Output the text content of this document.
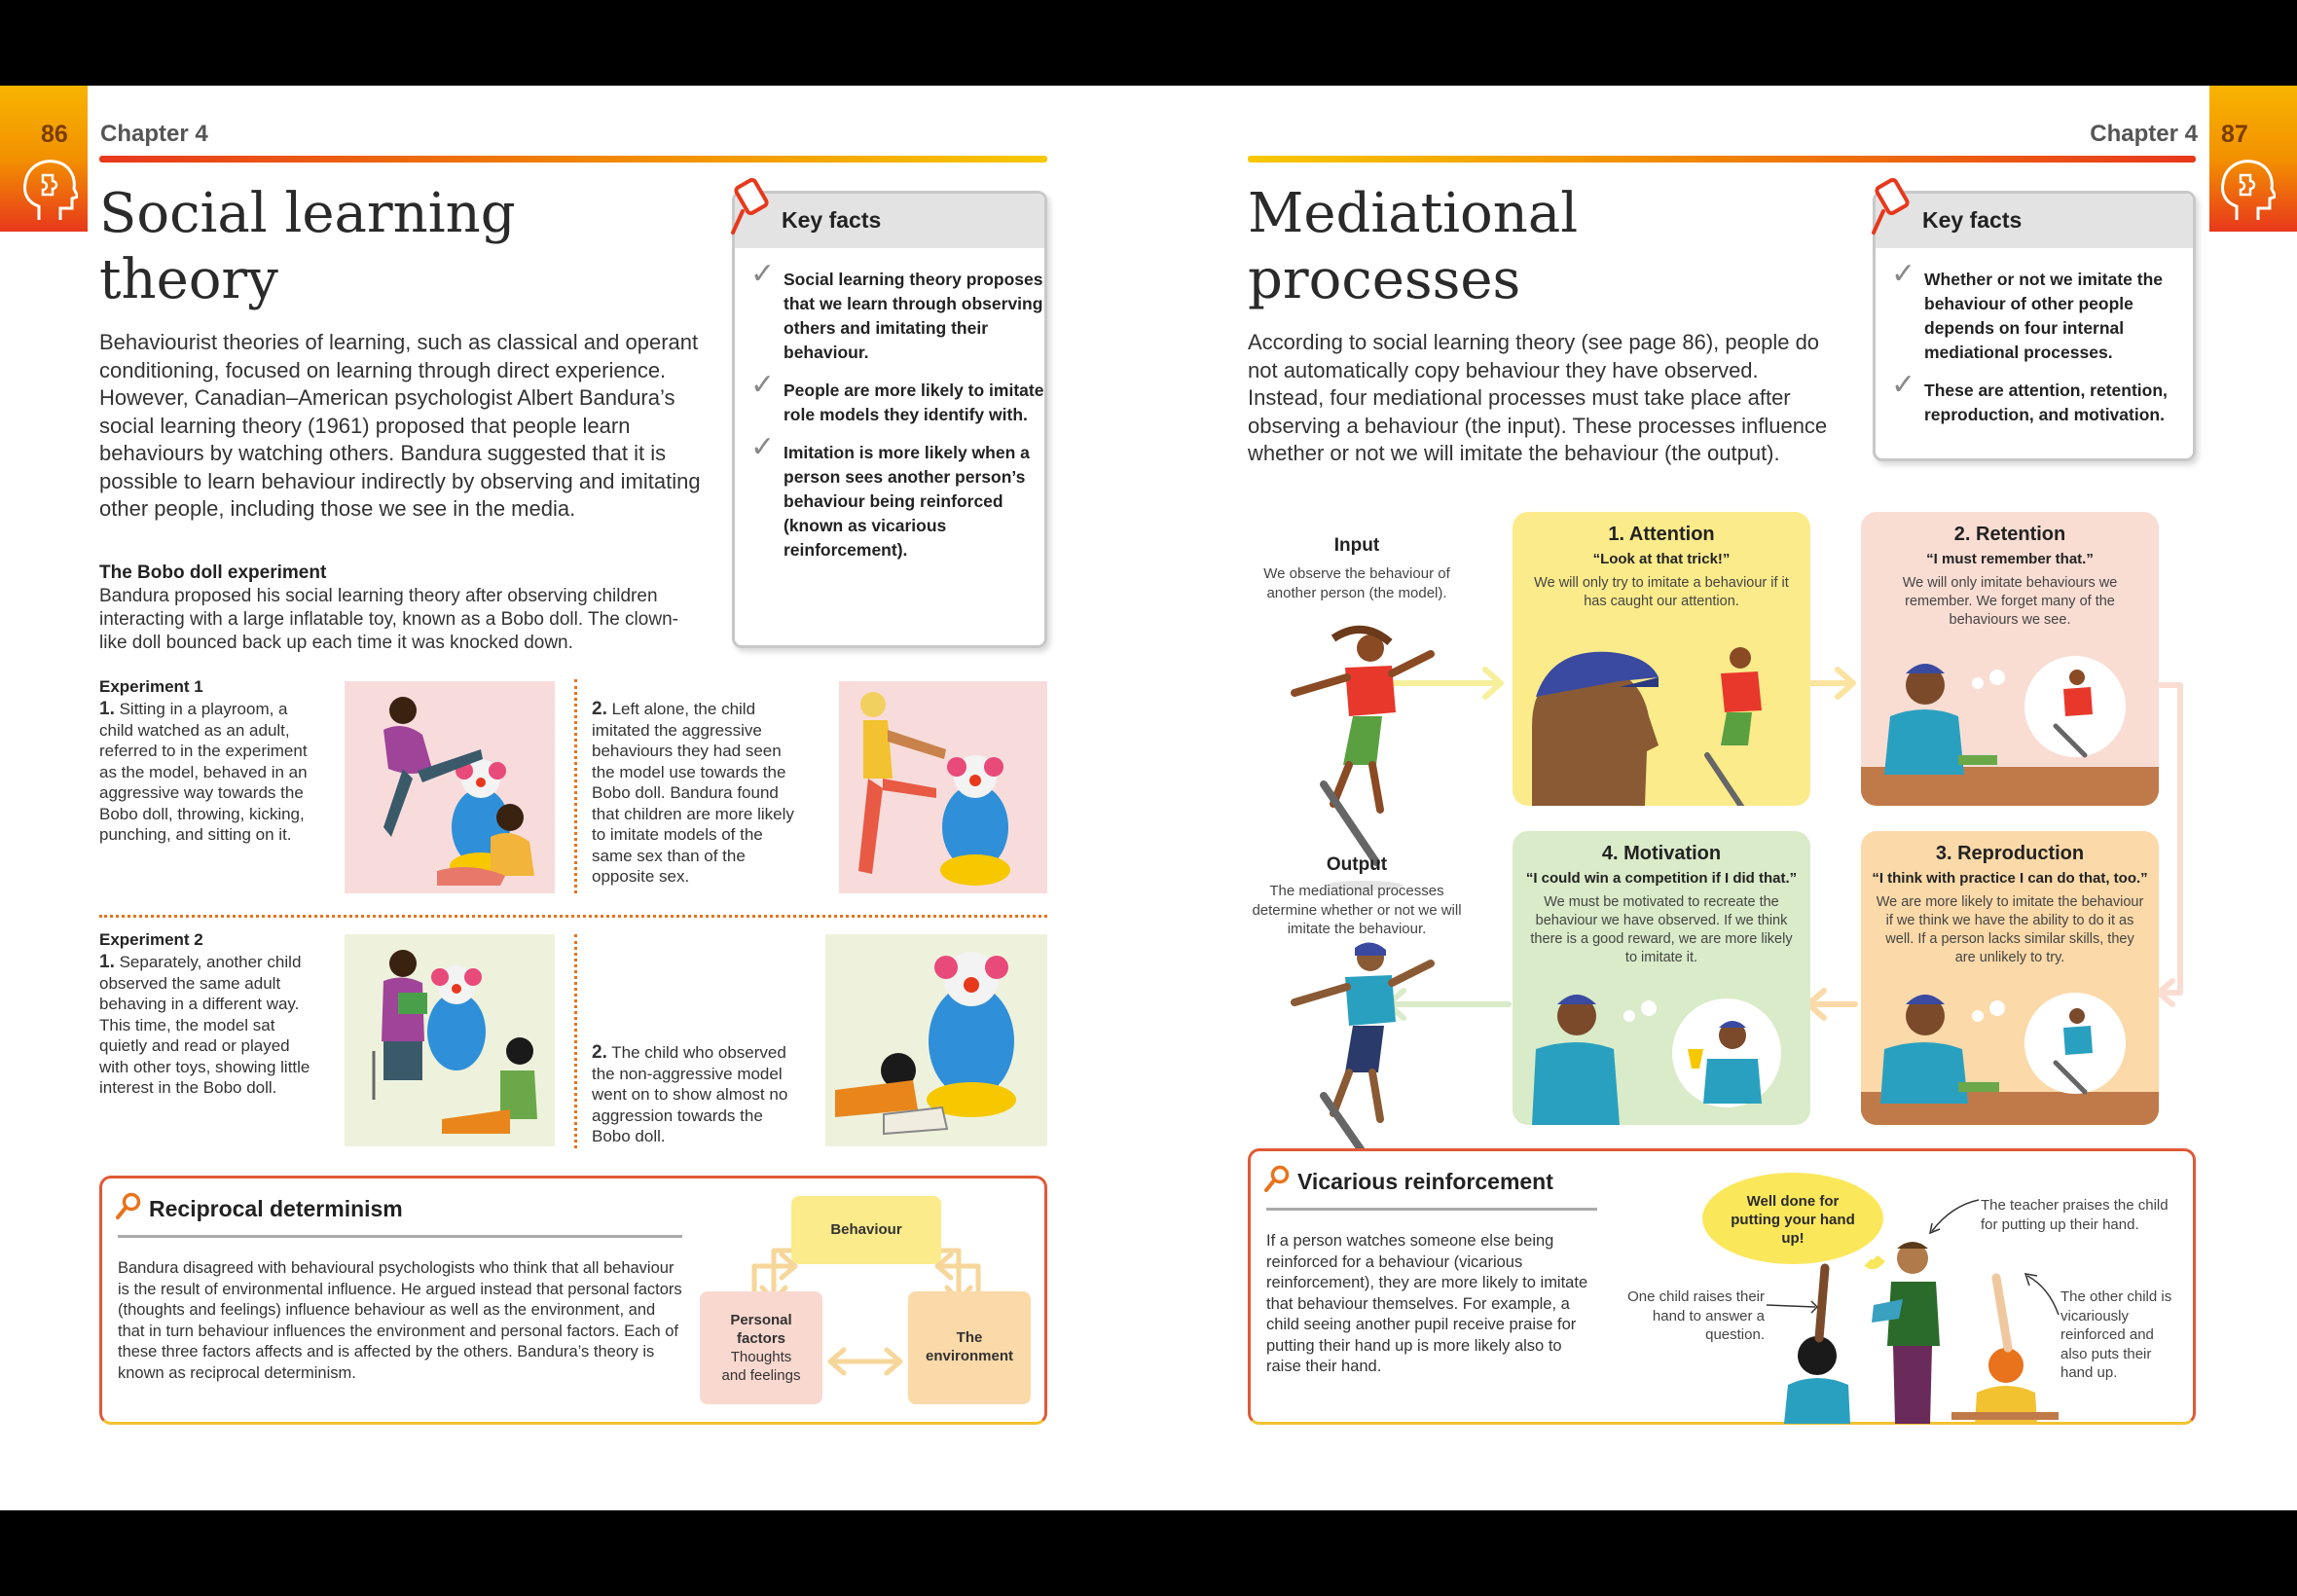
86 Chapter 4
Social learning
theory

Behaviourist theories of learning, such as classical and operant conditioning, focused on learning through direct experience. However, Canadian–American psychologist Albert Bandura’s social learning theory (1961) proposed that people learn behaviours by watching others. Bandura suggested that it is possible to learn behaviour indirectly by observing and imitating other people, including those we see in the media.

Key facts
✓ Social learning theory proposes that we learn through observing others and imitating their behaviour.
✓ People are more likely to imitate role models they identify with.
✓ Imitation is more likely when a person sees another person’s behaviour being reinforced (known as vicarious reinforcement).
The Bobo doll experiment

Bandura proposed his social learning theory after observing children interacting with a large inflatable toy, known as a Bobo doll. The clown-like doll bounced back up each time it was knocked down.

Experiment 1

1. Sitting in a playroom, a child watched as an adult, referred to in the experiment as the model, behaved in an aggressive way towards the Bobo doll, throwing, kicking, punching, and sitting on it.

2. Left alone, the child imitated the aggressive behaviours they had seen the model use towards the Bobo doll. Bandura found that children are more likely to imitate models of the same sex than of the opposite sex.

Experiment 2

1. Separately, another child observed the same adult behaving in a different way. This time, the model sat quietly and read or played with other toys, showing little interest in the Bobo doll.

2. The child who observed the non-aggressive model went on to show almost no aggression towards the Bobo doll.

Reciprocal determinism

Bandura disagreed with behavioural psychologists who think that all behaviour is the result of environmental influence. He argued instead that personal factors (thoughts and feelings) influence behaviour as well as the environment, and that in turn behaviour influences the environment and personal factors. Each of these three factors affects and is affected by the others. Bandura’s theory is known as reciprocal determinism.

Behaviour
Personal factors
Thoughts and feelings
The environment
87
Chapter 4
Mediational
processes

According to social learning theory (see page 86), people do not automatically copy behaviour they have observed. Instead, four mediational processes must take place after observing a behaviour (the input). These processes influence whether or not we will imitate the behaviour (the output).

Key facts
✓ Whether or not we imitate the behaviour of other people depends on four internal mediational processes.
✓ These are attention, retention, reproduction, and motivation.
Input

We observe the behaviour of another person (the model).

Output

The mediational processes determine whether or not we will imitate the behaviour.

1. Attention
“Look at that trick!”
We will only try to imitate a behaviour if it has caught our attention.
2. Retention
“I must remember that.”
We will only imitate behaviours we remember. We forget many of the behaviours we see.
4. Motivation
“I could win a competition if I did that.”
We must be motivated to recreate the behaviour we have observed. If we think there is a good reward, we are more likely to imitate it.
3. Reproduction
“I think with practice I can do that, too.”
We are more likely to imitate the behaviour if we think we have the ability to do it as well. If a person lacks similar skills, they are unlikely to try.
Vicarious reinforcement

If a person watches someone else being reinforced for a behaviour (vicarious reinforcement), they are more likely to imitate that behaviour themselves. For example, a child seeing another pupil receive praise for putting their hand up is more likely also to raise their hand.

Well done for putting your hand up!

The teacher praises the child for putting up their hand.

One child raises their hand to answer a question.

The other child is vicariously reinforced and also puts their hand up.
